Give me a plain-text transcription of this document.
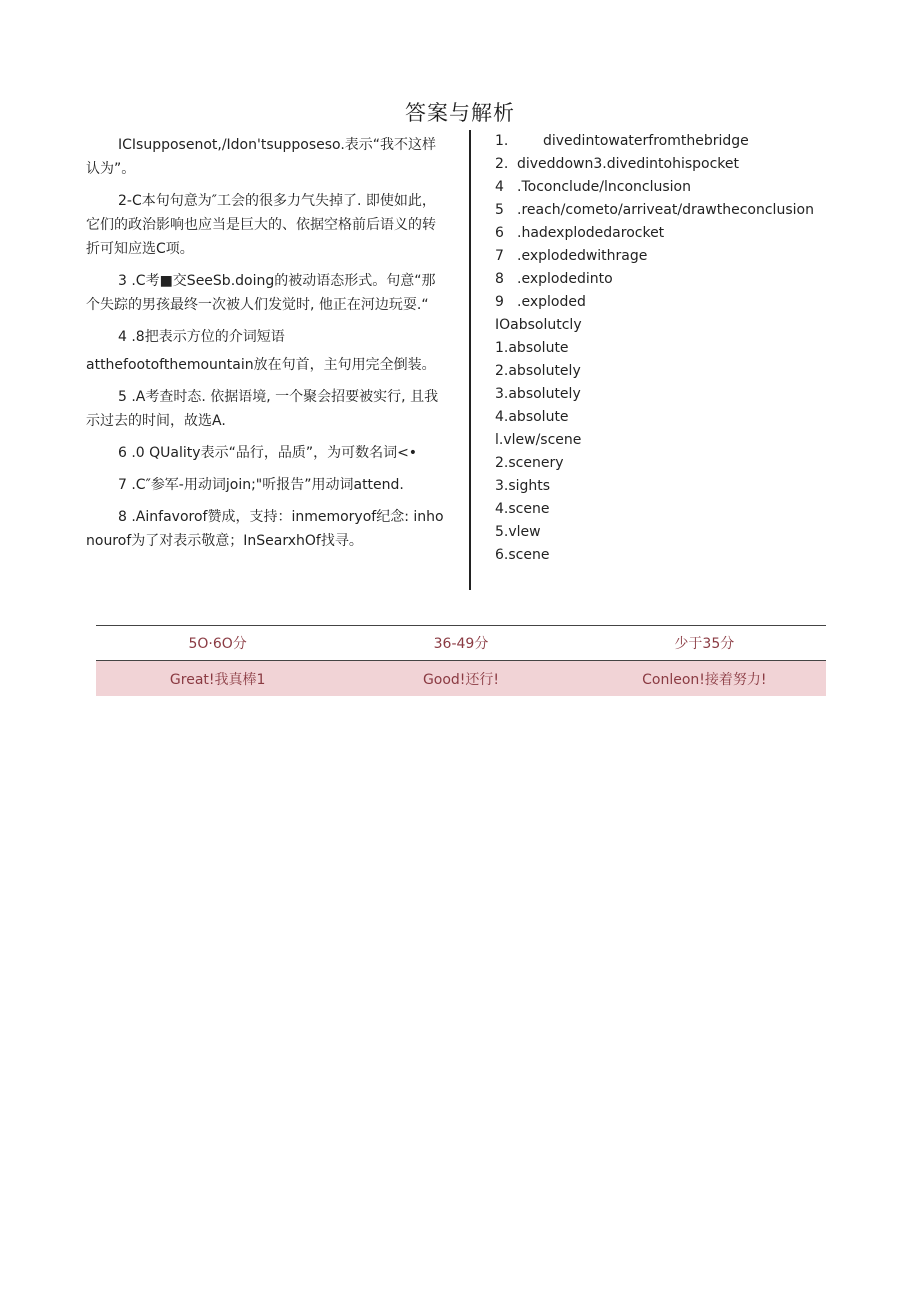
答案与解析

ICIsupposenot,/Idon'tsupposeso.表示“我不这样认为”。

2-C本句句意为″工会的很多力气失掉了. 即使如此，它们的政治影响也应当是巨大的、依据空格前后语义的转折可知应选C项。

3 .C考■交SeeSb.doing的被动语态形式。句意“那个失踪的男孩最终一次被人们发觉时, 他正在河边玩耍.“

4 .8把表示方位的介词短语

atthefootofthemountain放在句首，主句用完全倒装。

5 .A考查时态. 依据语境, 一个聚会招要被实行, 且我示过去的时间，故选A.

6 .0 QUality表示“品行，品质”，为可数名词<•

7 .C″参军-用动词join;"听报告”用动词attend.

8 .Ainfavorof赞成，支持：inmemoryof纪念: inhonourof为了对表示敬意；InSearxhOf找寻。

1. divedintowaterfromthebridge
2. diveddown3.divedintohispocket
4 .Toconclude/lnconclusion
5 .reach/cometo/arriveat/drawtheconclusion
6 .hadexplodedarocket
7 .explodedwithrage
8 .explodedinto
9 .exploded
IOabsolutcly
1.absolute
2.absolutely
3.absolutely
4.absolute
l.vlew/scene
2.scenery
3.sights
4.scene
5.vlew
6.scene
5O·6O分	36-49分	少于35分
Great!我真棒1	Good!还行!	Conleon!接着努力!
